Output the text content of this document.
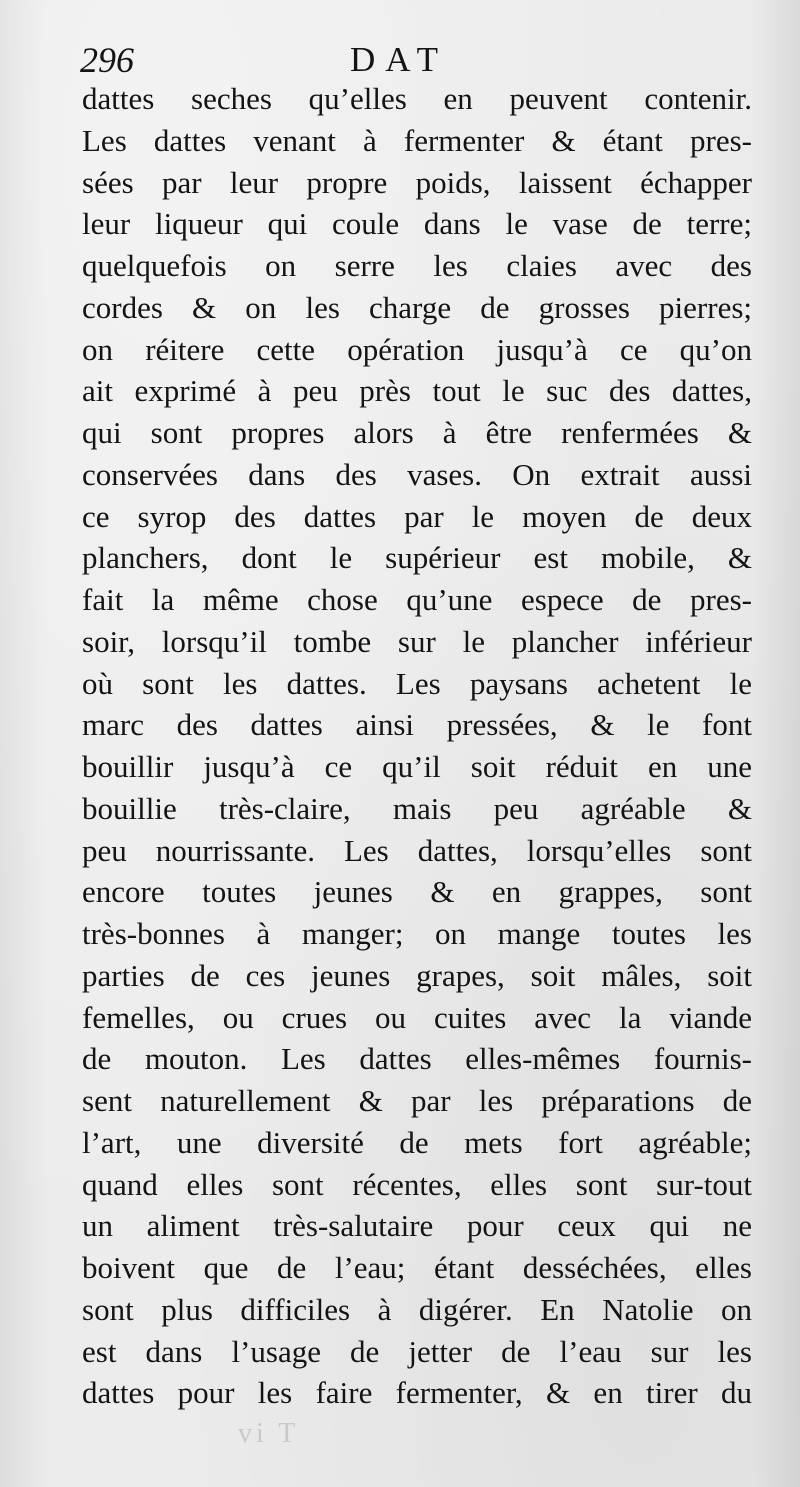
296	DAT
dattes seches qu’elles en peuvent contenir.
Les dattes venant à fermenter & étant pres-
sées par leur propre poids, laissent échapper
leur liqueur qui coule dans le vase de terre;
quelquefois on serre les claies avec des
cordes & on les charge de grosses pierres;
on réitere cette opération jusqu’à ce qu’on
ait exprimé à peu près tout le suc des dattes,
qui sont propres alors à être renfermées &
conservées dans des vases. On extrait aussi
ce syrop des dattes par le moyen de deux
planchers, dont le supérieur est mobile, &
fait la même chose qu’une espece de pres-
soir, lorsqu’il tombe sur le plancher inférieur
où sont les dattes. Les paysans achetent le
marc des dattes ainsi pressées, & le font
bouillir jusqu’à ce qu’il soit réduit en une
bouillie très-claire, mais peu agréable &
peu nourrissante. Les dattes, lorsqu’elles sont
encore toutes jeunes & en grappes, sont
très-bonnes à manger; on mange toutes les
parties de ces jeunes grapes, soit mâles, soit
femelles, ou crues ou cuites avec la viande
de mouton. Les dattes elles-mêmes fournis-
sent naturellement & par les préparations de
l’art, une diversité de mets fort agréable;
quand elles sont récentes, elles sont sur-tout
un aliment très-salutaire pour ceux qui ne
boivent que de l’eau; étant desséchées, elles
sont plus difficiles à digérer. En Natolie on
est dans l’usage de jetter de l’eau sur les
dattes pour les faire fermenter, & en tirer du
vi T
